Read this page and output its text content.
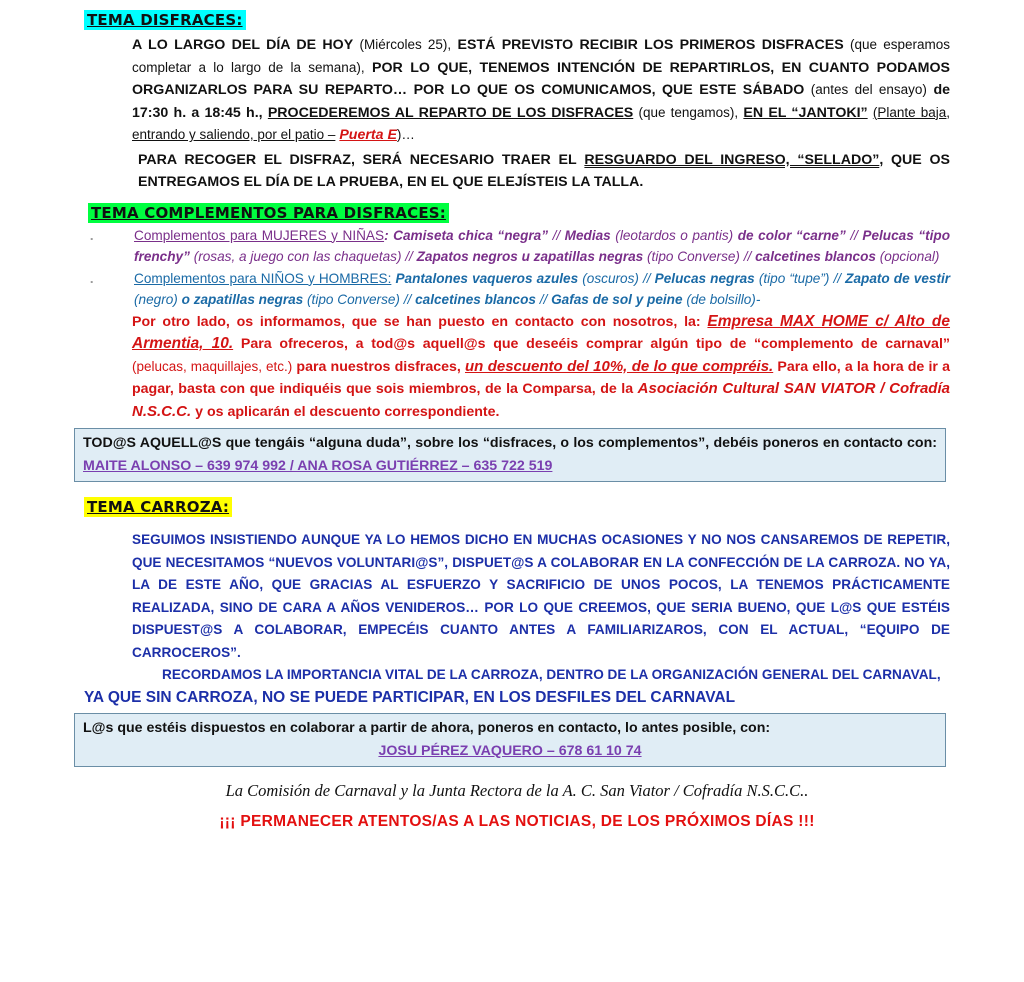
TEMA DISFRACES:

A LO LARGO DEL DÍA DE HOY (Miércoles 25), ESTÁ PREVISTO RECIBIR LOS PRIMEROS DISFRACES (que esperamos completar a lo largo de la semana), POR LO QUE, TENEMOS INTENCIÓN DE REPARTIRLOS, EN CUANTO PODAMOS ORGANIZARLOS PARA SU REPARTO… POR LO QUE OS COMUNICAMOS, QUE ESTE SÁBADO (antes del ensayo) de 17:30 h. a 18:45 h., PROCEDEREMOS AL REPARTO DE LOS DISFRACES (que tengamos), EN EL “JANTOKI” (Plante baja, entrando y saliendo, por el patio – Puerta E)…

PARA RECOGER EL DISFRAZ, SERÁ NECESARIO TRAER EL RESGUARDO DEL INGRESO, “SELLADO”, QUE OS ENTREGAMOS EL DÍA DE LA PRUEBA, EN EL QUE ELEJÍSTEIS LA TALLA.

TEMA COMPLEMENTOS PARA DISFRACES:
˳	Complementos para MUJERES y NIÑAS: Camiseta chica “negra” // Medias (leotardos o pantis) de color “carne” // Pelucas “tipo frenchy” (rosas, a juego con las chaquetas) // Zapatos negros u zapatillas negras (tipo Converse) // calcetines blancos (opcional)
˳	Complementos para NIÑOS y HOMBRES: Pantalones vaqueros azules (oscuros) // Pelucas negras (tipo “tupe”) // Zapato de vestir (negro) o zapatillas negras (tipo Converse) // calcetines blancos // Gafas de sol y peine (de bolsillo)-

Por otro lado, os informamos, que se han puesto en contacto con nosotros, la: Empresa MAX HOME c/ Alto de Armentia, 10. Para ofreceros, a tod@s aquell@s que deseéis comprar algún tipo de “complemento de carnaval” (pelucas, maquillajes, etc.) para nuestros disfraces, un descuento del 10%, de lo que compréis. Para ello, a la hora de ir a pagar, basta con que indiquéis que sois miembros, de la Comparsa, de la Asociación Cultural SAN VIATOR / Cofradía N.S.C.C. y os aplicarán el descuento correspondiente.

TOD@S AQUELL@S que tengáis “alguna duda”, sobre los “disfraces, o los complementos”, debéis poneros en contacto con: MAITE ALONSO – 639 974 992 / ANA ROSA GUTIÉRREZ – 635 722 519

TEMA CARROZA:

SEGUIMOS INSISTIENDO AUNQUE YA LO HEMOS DICHO EN MUCHAS OCASIONES Y NO NOS CANSAREMOS DE REPETIR, QUE NECESITAMOS “NUEVOS VOLUNTARI@S”, DISPUET@S A COLABORAR EN LA CONFECCIÓN DE LA CARROZA. NO YA, LA DE ESTE AÑO, QUE GRACIAS AL ESFUERZO Y SACRIFICIO DE UNOS POCOS, LA TENEMOS PRÁCTICAMENTE REALIZADA, SINO DE CARA A AÑOS VENIDEROS… POR LO QUE CREEMOS, QUE SERIA BUENO, QUE L@S QUE ESTÉIS DISPUEST@S A COLABORAR, EMPECÉIS CUANTO ANTES A FAMILIARIZAROS, CON EL ACTUAL, “EQUIPO DE CARROCEROS”.

RECORDAMOS LA IMPORTANCIA VITAL DE LA CARROZA, DENTRO DE LA ORGANIZACIÓN GENERAL DEL CARNAVAL,

YA QUE SIN CARROZA, NO SE PUEDE PARTICIPAR, EN LOS DESFILES DEL CARNAVAL

L@s que estéis dispuestos en colaborar a partir de ahora, poneros en contacto, lo antes posible, con:

JOSU PÉREZ VAQUERO – 678 61 10 74

La Comisión de Carnaval y la Junta Rectora de la A. C. San Viator / Cofradía N.S.C.C..
¡¡¡ PERMANECER ATENTOS/AS A LAS NOTICIAS, DE LOS PRÓXIMOS DÍAS !!!
